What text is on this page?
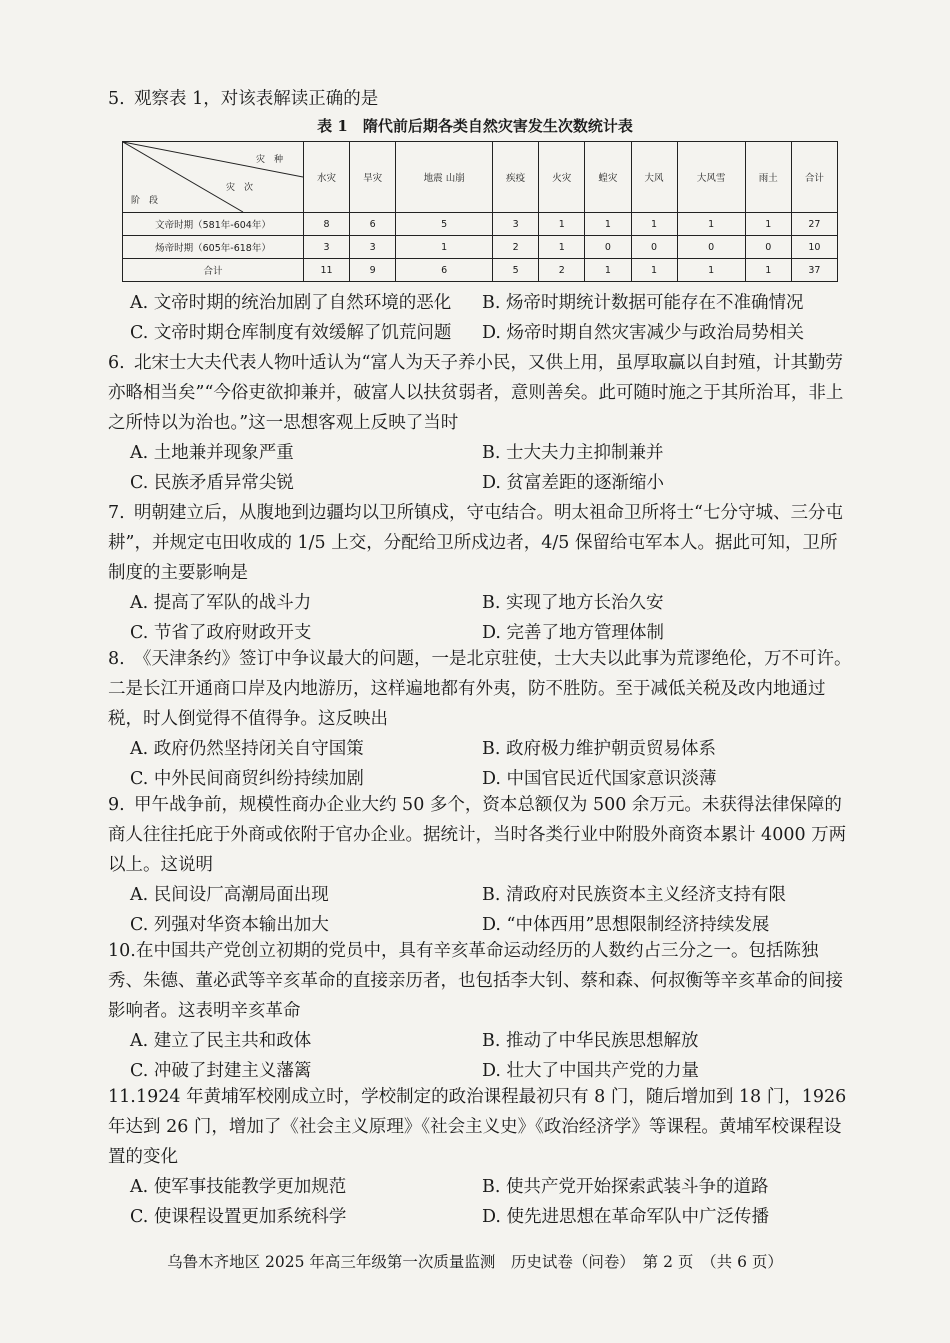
5. 观察表 1，对该表解读正确的是
表 1　隋代前后期各类自然灾害发生次数统计表
灾　种
灾　次
阶　段	水灾	旱灾	地震 山崩	疾疫	火灾	蝗灾	大风	大风雪	雨土	合计
文帝时期（581年-604年）	8	6	5	3	1	1	1	1	1	27
炀帝时期（605年-618年）	3	3	1	2	1	0	0	0	0	10
合计	11	9	6	5	2	1	1	1	1	37
A. 文帝时期的统治加剧了自然环境的恶化	B. 炀帝时期统计数据可能存在不准确情况
C. 文帝时期仓库制度有效缓解了饥荒问题	D. 炀帝时期自然灾害减少与政治局势相关
6. 北宋士大夫代表人物叶适认为“富人为天子养小民，又供上用，虽厚取赢以自封殖，计其勤劳亦略相当矣”“今俗吏欲抑兼并，破富人以扶贫弱者，意则善矣。此可随时施之于其所治耳，非上之所恃以为治也。”这一思想客观上反映了当时
A. 土地兼并现象严重	B. 士大夫力主抑制兼并
C. 民族矛盾异常尖锐	D. 贫富差距的逐渐缩小
7. 明朝建立后，从腹地到边疆均以卫所镇戍，守屯结合。明太祖命卫所将士“七分守城、三分屯耕”，并规定屯田收成的 1/5 上交，分配给卫所戍边者，4/5 保留给屯军本人。据此可知，卫所制度的主要影响是
A. 提高了军队的战斗力	B. 实现了地方长治久安
C. 节省了政府财政开支	D. 完善了地方管理体制
8. 《天津条约》签订中争议最大的问题，一是北京驻使，士大夫以此事为荒谬绝伦，万不可许。二是长江开通商口岸及内地游历，这样遍地都有外夷，防不胜防。至于减低关税及改内地通过税，时人倒觉得不值得争。这反映出
A. 政府仍然坚持闭关自守国策	B. 政府极力维护朝贡贸易体系
C. 中外民间商贸纠纷持续加剧	D. 中国官民近代国家意识淡薄
9. 甲午战争前，规模性商办企业大约 50 多个，资本总额仅为 500 余万元。未获得法律保障的商人往往托庇于外商或依附于官办企业。据统计，当时各类行业中附股外商资本累计 4000 万两以上。这说明
A. 民间设厂高潮局面出现	B. 清政府对民族资本主义经济支持有限
C. 列强对华资本输出加大	D. “中体西用”思想限制经济持续发展
10.在中国共产党创立初期的党员中，具有辛亥革命运动经历的人数约占三分之一。包括陈独秀、朱德、董必武等辛亥革命的直接亲历者，也包括李大钊、蔡和森、何叔衡等辛亥革命的间接影响者。这表明辛亥革命
A. 建立了民主共和政体	B. 推动了中华民族思想解放
C. 冲破了封建主义藩篱	D. 壮大了中国共产党的力量
11.1924 年黄埔军校刚成立时，学校制定的政治课程最初只有 8 门，随后增加到 18 门，1926 年达到 26 门，增加了《社会主义原理》《社会主义史》《政治经济学》等课程。黄埔军校课程设置的变化
A. 使军事技能教学更加规范	B. 使共产党开始探索武装斗争的道路
C. 使课程设置更加系统科学	D. 使先进思想在革命军队中广泛传播
乌鲁木齐地区 2025 年高三年级第一次质量监测　历史试卷（问卷）　第 2 页　（共 6 页）
